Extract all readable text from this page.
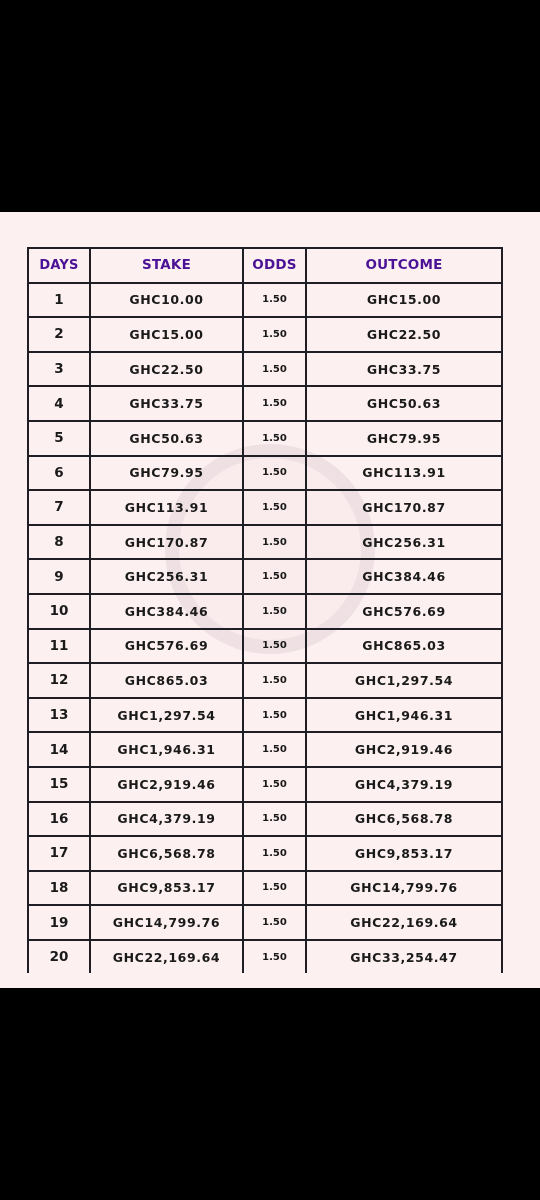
DAYS	STAKE	ODDS	OUTCOME
1	GHC10.00	1.50	GHC15.00
2	GHC15.00	1.50	GHC22.50
3	GHC22.50	1.50	GHC33.75
4	GHC33.75	1.50	GHC50.63
5	GHC50.63	1.50	GHC79.95
6	GHC79.95	1.50	GHC113.91
7	GHC113.91	1.50	GHC170.87
8	GHC170.87	1.50	GHC256.31
9	GHC256.31	1.50	GHC384.46
10	GHC384.46	1.50	GHC576.69
11	GHC576.69	1.50	GHC865.03
12	GHC865.03	1.50	GHC1,297.54
13	GHC1,297.54	1.50	GHC1,946.31
14	GHC1,946.31	1.50	GHC2,919.46
15	GHC2,919.46	1.50	GHC4,379.19
16	GHC4,379.19	1.50	GHC6,568.78
17	GHC6,568.78	1.50	GHC9,853.17
18	GHC9,853.17	1.50	GHC14,799.76
19	GHC14,799.76	1.50	GHC22,169.64
20	GHC22,169.64	1.50	GHC33,254.47
